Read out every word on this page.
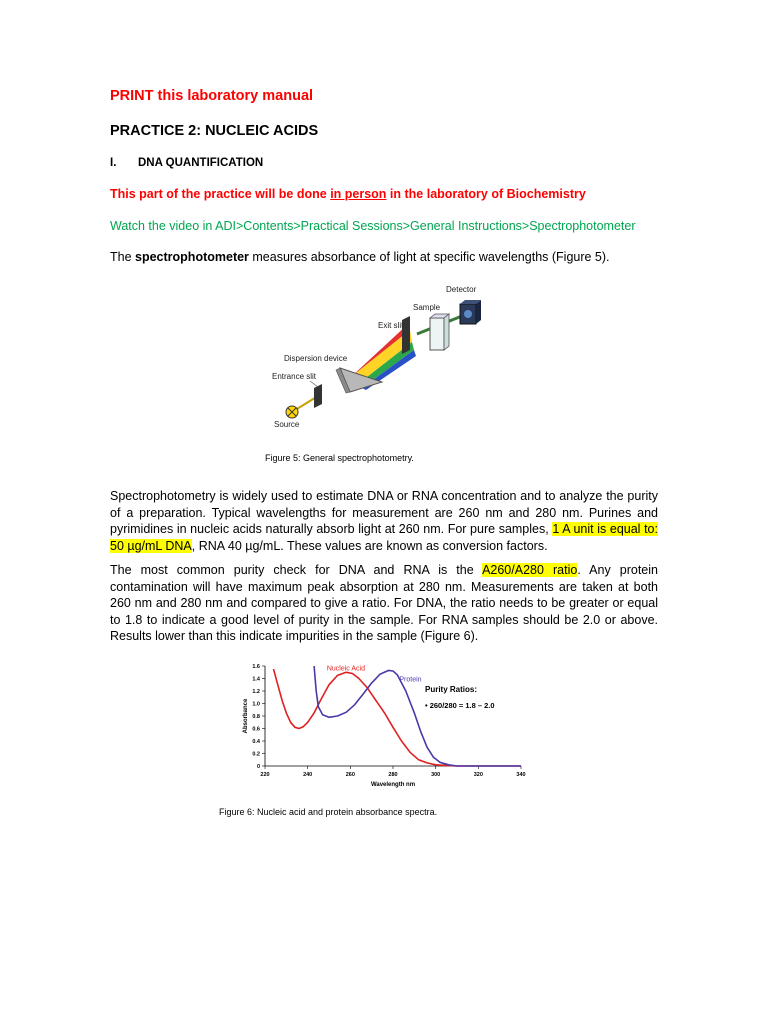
PRINT this laboratory manual
PRACTICE 2: NUCLEIC ACIDS
I. DNA QUANTIFICATION
This part of the practice will be done in person in the laboratory of Biochemistry
Watch the video in ADI>Contents>Practical Sessions>General Instructions>Spectrophotometer
The spectrophotometer measures absorbance of light at specific wavelengths (Figure 5).
Source
Entrance slit
Dispersion device
Exit slit
Sample
Detector
Figure 5: General spectrophotometry.
Spectrophotometry is widely used to estimate DNA or RNA concentration and to analyze the purity of a preparation. Typical wavelengths for measurement are 260 nm and 280 nm. Purines and pyrimidines in nucleic acids naturally absorb light at 260 nm. For pure samples, 1 A unit is equal to: 50 µg/mL DNA, RNA 40 µg/mL. These values are known as conversion factors.
The most common purity check for DNA and RNA is the A260/A280 ratio. Any protein contamination will have maximum peak absorption at 280 nm. Measurements are taken at both 260 nm and 280 nm and compared to give a ratio. For DNA, the ratio needs to be greater or equal to 1.8 to indicate a good level of purity in the sample. For RNA samples should be 2.0 or above. Results lower than this indicate impurities in the sample (Figure 6).
220	240	260	280	300	320	340
0
0.2
0.4
0.6
0.8
1.0
1.2
1.4
1.6
Wavelength nm
Absorbance
Nucleic Acid
Protein
Purity Ratios:
• 260/280 = 1.8 – 2.0
Figure 6: Nucleic acid and protein absorbance spectra.
